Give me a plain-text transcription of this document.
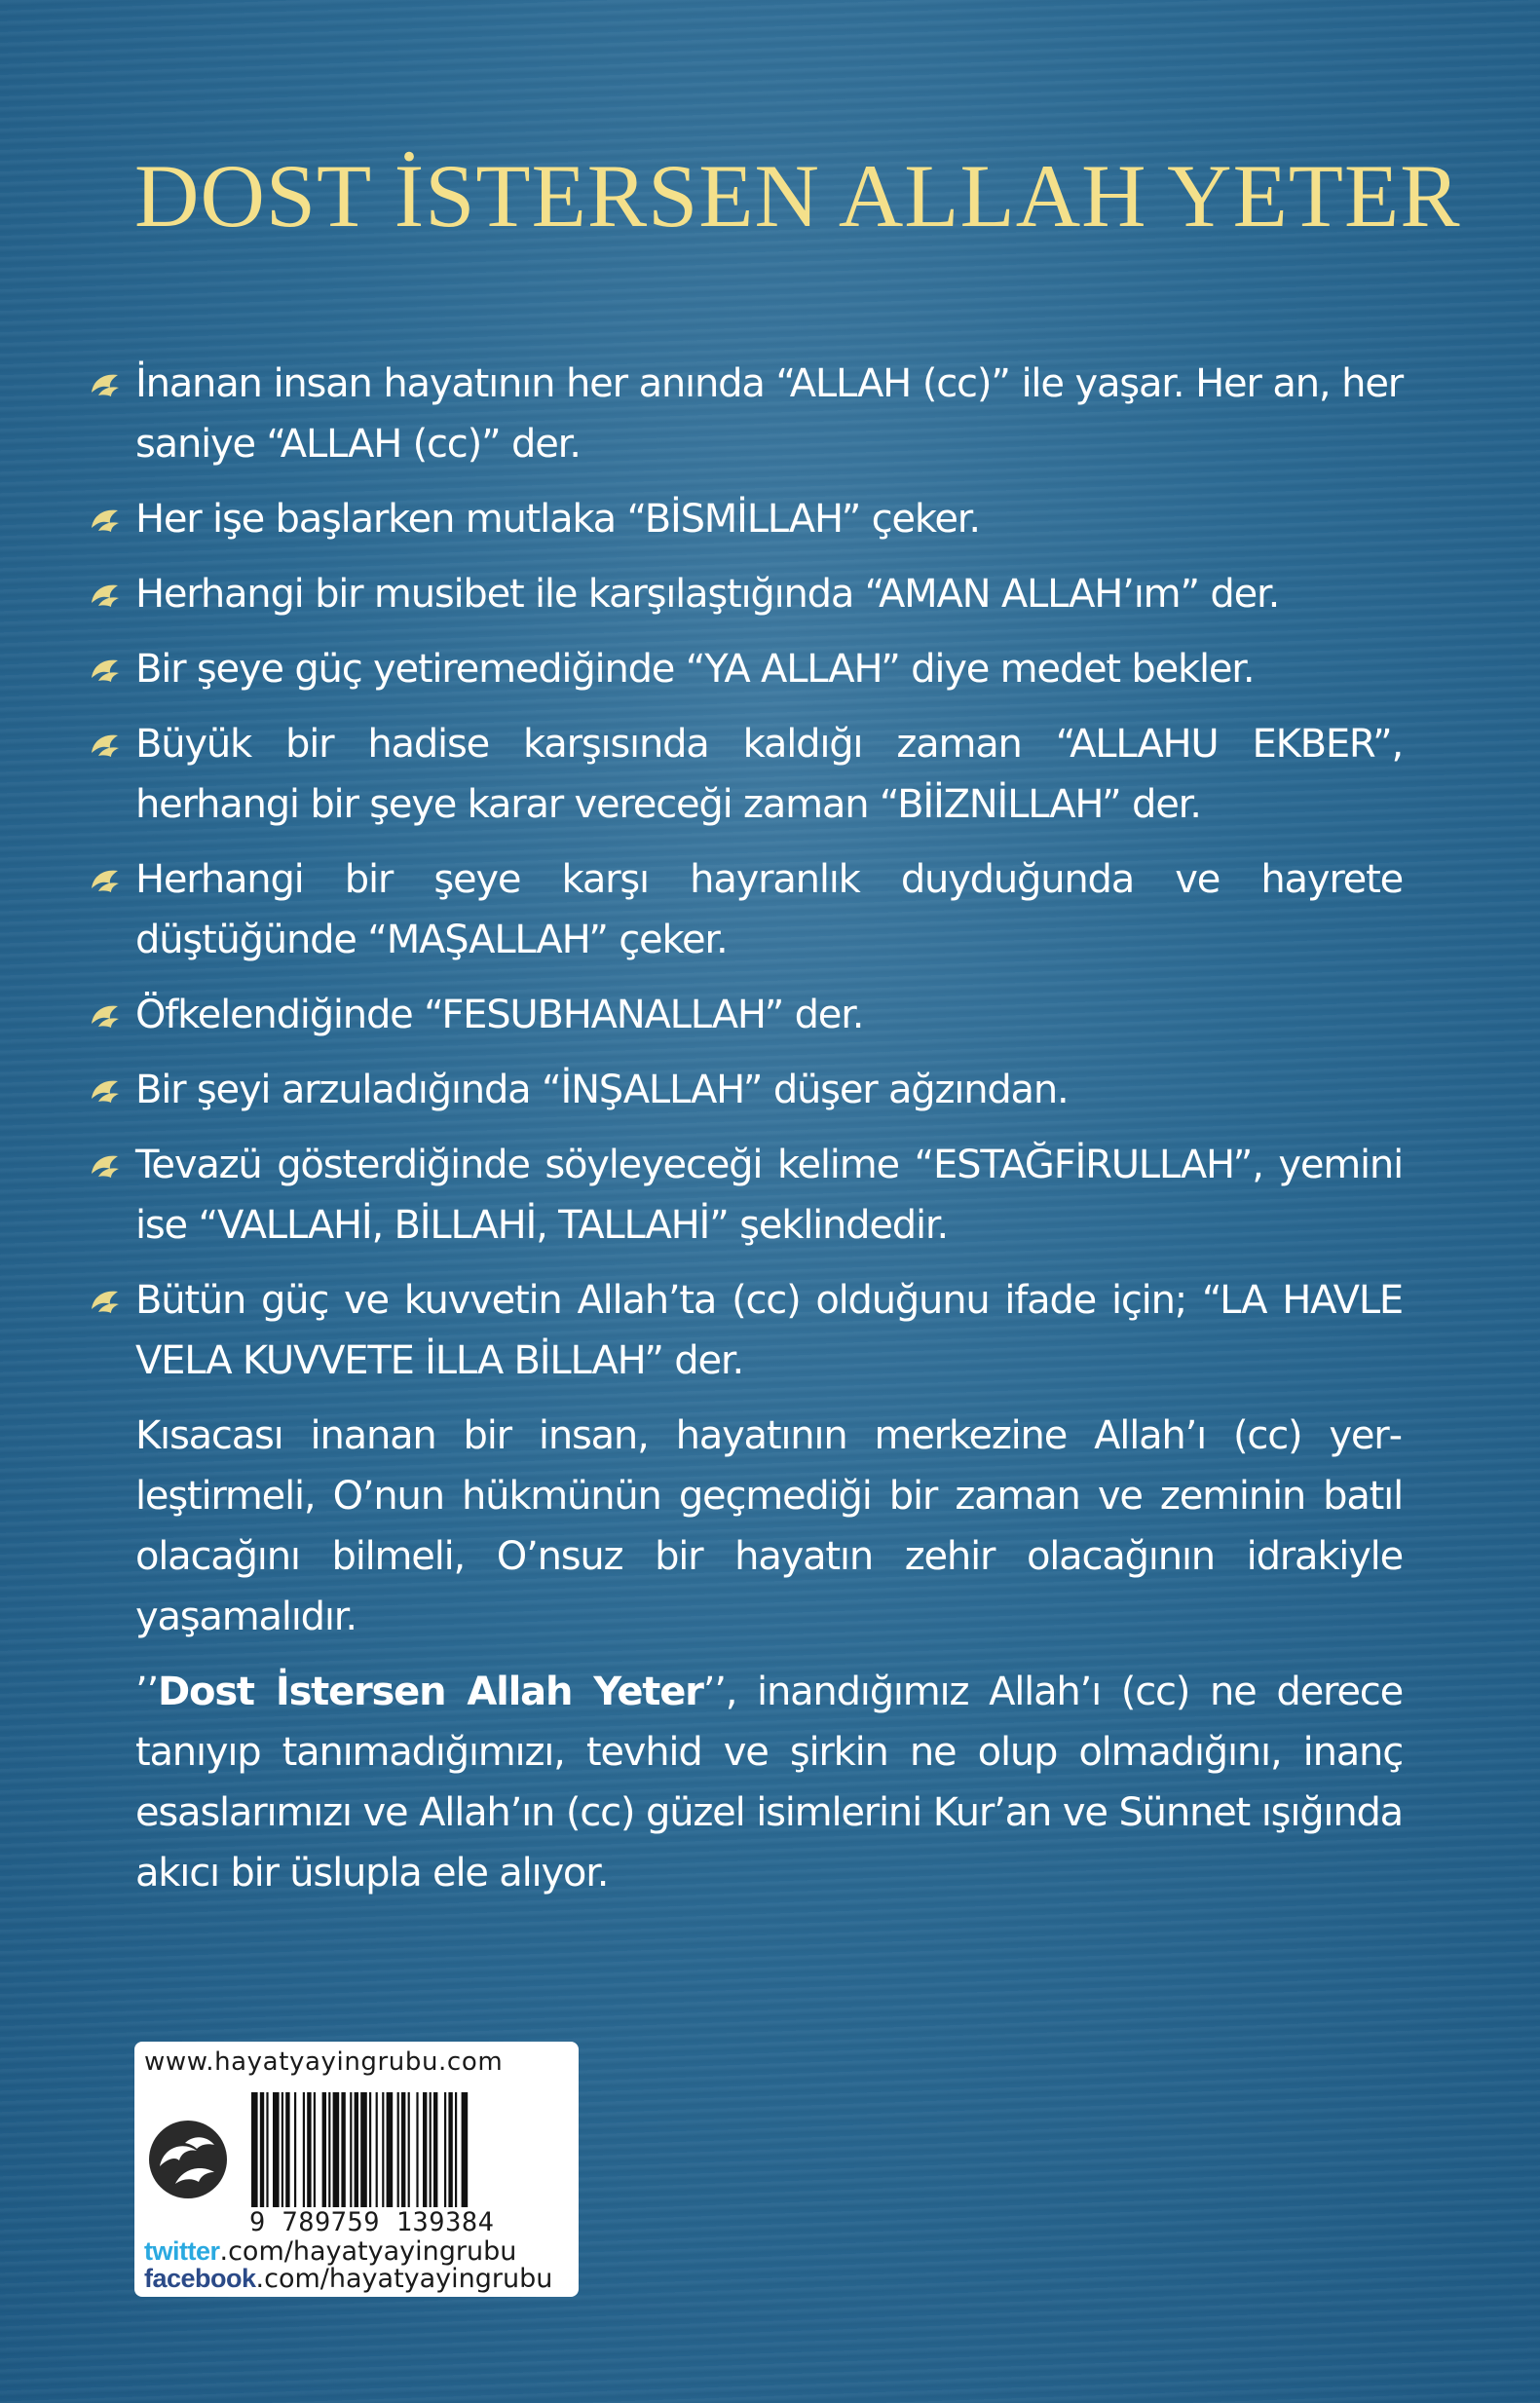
DOST İSTERSEN ALLAH YETER
İnanan insan hayatının her anında “ALLAH (cc)” ile yaşar. Her an, her saniye “ALLAH (cc)” der.
Her işe başlarken mutlaka “BİSMİLLAH” çeker.
Herhangi bir musibet ile karşılaştığında “AMAN ALLAH’ım” der.
Bir şeye güç yetiremediğinde “YA ALLAH” diye medet bekler.
Büyük bir hadise karşısında kaldığı zaman “ALLAHU EKBER”, herhangi bir şeye karar vereceği zaman “BİİZNİLLAH” der.
Herhangi bir şeye karşı hayranlık duyduğunda ve hayrete düştüğünde “MAŞALLAH” çeker.
Öfkelendiğinde “FESUBHANALLAH” der.
Bir şeyi arzuladığında “İNŞALLAH” düşer ağzından.
Tevazü gösterdiğinde söyleyeceği kelime “ESTAĞFİRULLAH”, yemini ise “VALLAHİ, BİLLAHİ, TALLAHİ” şeklindedir.
Bütün güç ve kuvvetin Allah’ta (cc) olduğunu ifade için; “LA HAVLE VELA KUVVETE İLLA BİLLAH” der.

Kısacası inanan bir insan, hayatının merkezine Allah’ı (cc) yerleştirmeli, O’nun hükmünün geçmediği bir zaman ve zeminin batıl olacağını bilmeli, O’nsuz bir hayatın zehir olacağının idrakiyle yaşamalıdır.

’’Dost İstersen Allah Yeter’’, inandığımız Allah’ı (cc) ne derece tanıyıp tanımadığımızı, tevhid ve şirkin ne olup olmadığını, inanç esaslarımızı ve Allah’ın (cc) güzel isimlerini Kur’an ve Sünnet ışığında akıcı bir üslupla ele alıyor.

www.hayatyayingrubu.com
9 789759 139384
twitter.com/hayatyayingrubu
facebook.com/hayatyayingrubu
